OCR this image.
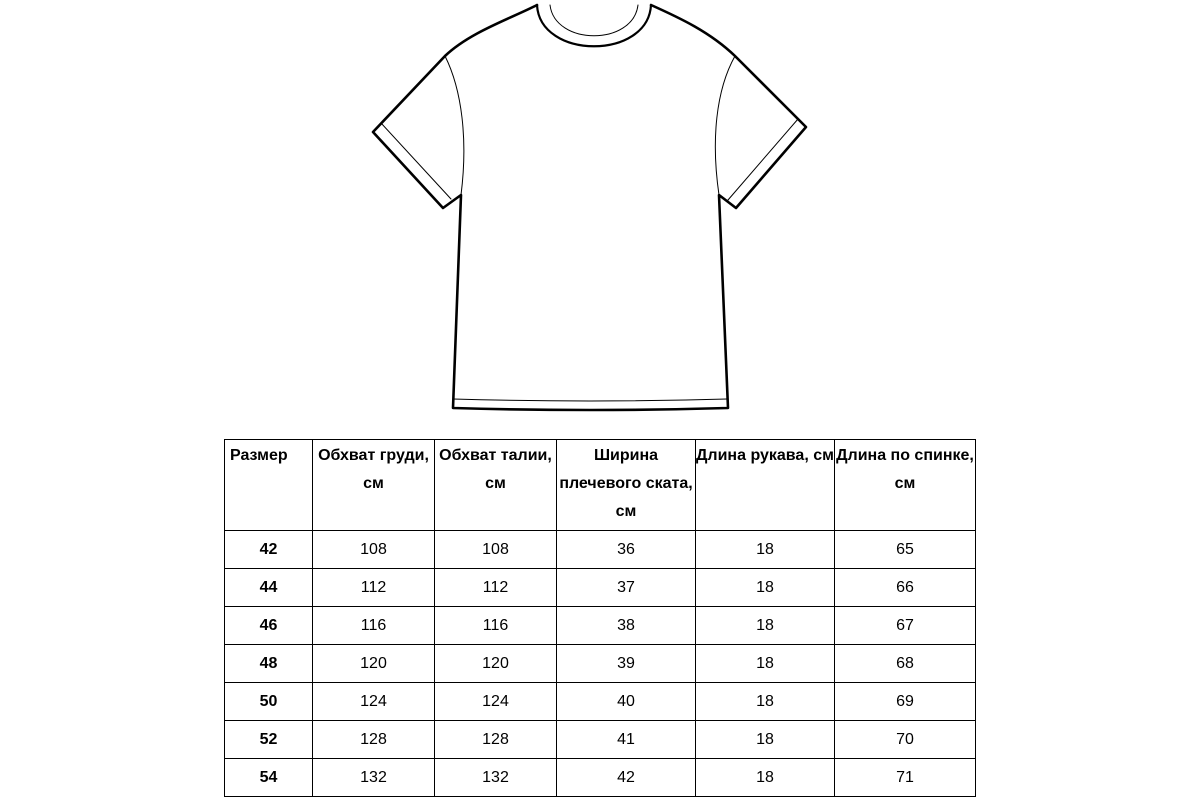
Размер	Обхват груди, см	Обхват талии, см	Ширина плечевого ската, см	Длина рукава, см	Длина по спинке, см
42	108	108	36	18	65
44	112	112	37	18	66
46	116	116	38	18	67
48	120	120	39	18	68
50	124	124	40	18	69
52	128	128	41	18	70
54	132	132	42	18	71
